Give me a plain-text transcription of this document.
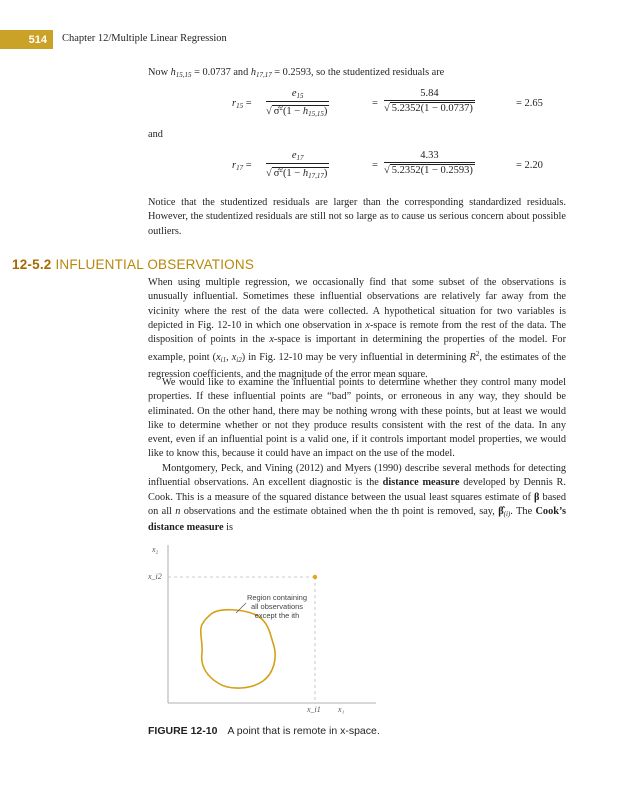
514 Chapter 12/Multiple Linear Regression
Now $h_{15,15} = 0.0737$ and $h_{17,17} = 0.2593$, so the studentized residuals are
$r_{15} = \frac{e_{15}}{√ \sigmâ^2(1 - h_{15,15})}$	= $\frac{5.84}{√ 5.2352(1 - 0.0737)}$	= 2.65
and
$r_{17} = \frac{e_{17}}{√ \sigmâ^2(1 - h_{17,17})}$	= $\frac{4.33}{√ 5.2352(1 - 0.2593)}$	= 2.20
Notice that the studentized residuals are larger than the corresponding standardized residuals. However, the studentized residuals are still not so large as to cause us serious concern about possible outliers.
12-5.2 INFLUENTIAL OBSERVATIONS
When using multiple regression, we occasionally find that some subset of the observations is unusually influential. Sometimes these influential observations are relatively far away from the vicinity where the rest of the data were collected. A hypothetical situation for two variables is depicted in Fig. 12-10 in which one observation in x-space is remote from the rest of the data. The disposition of points in the x-space is important in determining the properties of the model. For example, point ($x_{i1}$, $x_{i2}$) in Fig. 12-10 may be very influential in determining $R^2$, the estimates of the regression coefficients, and the magnitude of the error mean square.
We would like to examine the influential points to determine whether they control many model properties. If these influential points are “bad” points, or erroneous in any way, they should be eliminated. On the other hand, there may be nothing wrong with these points, but at least we would like to determine whether or not they produce results consistent with the rest of the data. In any event, even if an influential point is a valid one, if it controls important model properties, we would like to know this, because it could have an impact on the use of the model.
Montgomery, Peck, and Vining (2012) and Myers (1990) describe several methods for detecting influential observations. An excellent diagnostic is the distance measure developed by Dennis R. Cook. This is a measure of the squared distance between the usual least squares estimate of β based on all n observations and the estimate obtained when the th point is removed, say, $\betâ_{(i)}$. The Cook’s distance measure is
x₂
x_i2
x_i1 x₁
Region containing
all observations
except the ith
FIGURE 12-10 A point that is remote in x-space.
